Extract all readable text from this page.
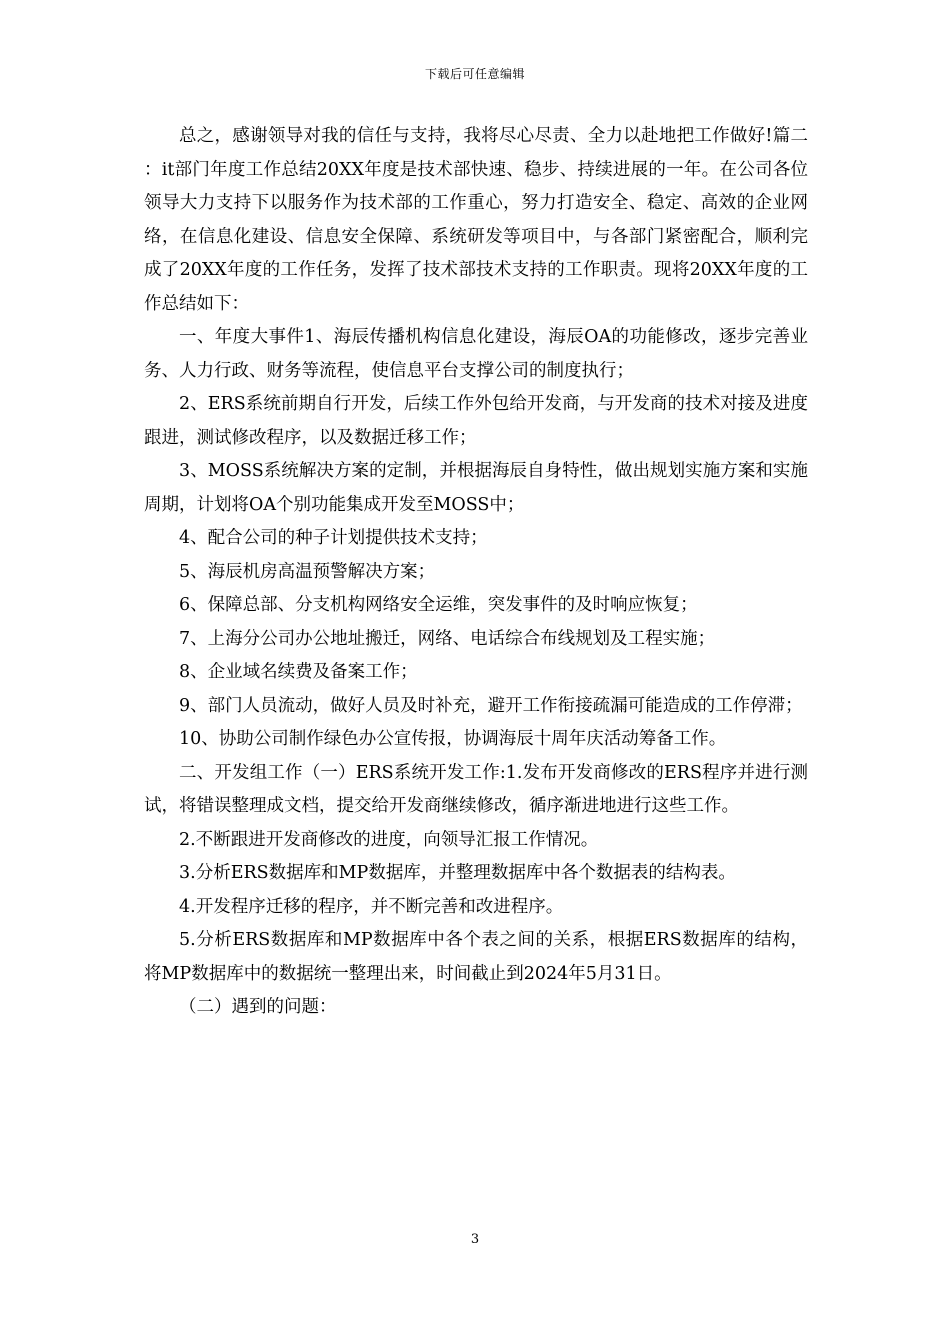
下载后可任意编辑

总之，感谢领导对我的信任与支持，我将尽心尽责、全力以赴地把工作做好!篇二：it部门年度工作总结20XX年度是技术部快速、稳步、持续进展的一年。在公司各位领导大力支持下以服务作为技术部的工作重心，努力打造安全、稳定、高效的企业网络，在信息化建设、信息安全保障、系统研发等项目中，与各部门紧密配合，顺利完成了20XX年度的工作任务，发挥了技术部技术支持的工作职责。现将20XX年度的工作总结如下：

一、年度大事件1、海辰传播机构信息化建设，海辰OA的功能修改，逐步完善业务、人力行政、财务等流程，使信息平台支撑公司的制度执行；

2、ERS系统前期自行开发，后续工作外包给开发商，与开发商的技术对接及进度跟进，测试修改程序，以及数据迁移工作；

3、MOSS系统解决方案的定制，并根据海辰自身特性，做出规划实施方案和实施周期，计划将OA个别功能集成开发至MOSS中；

4、配合公司的种子计划提供技术支持；

5、海辰机房高温预警解决方案；

6、保障总部、分支机构网络安全运维，突发事件的及时响应恢复；

7、上海分公司办公地址搬迁，网络、电话综合布线规划及工程实施；

8、企业域名续费及备案工作；

9、部门人员流动，做好人员及时补充，避开工作衔接疏漏可能造成的工作停滞；

10、协助公司制作绿色办公宣传报，协调海辰十周年庆活动筹备工作。

二、开发组工作（一）ERS系统开发工作:1.发布开发商修改的ERS程序并进行测试，将错误整理成文档，提交给开发商继续修改，循序渐进地进行这些工作。

2.不断跟进开发商修改的进度，向领导汇报工作情况。

3.分析ERS数据库和MP数据库，并整理数据库中各个数据表的结构表。

4.开发程序迁移的程序，并不断完善和改进程序。

5.分析ERS数据库和MP数据库中各个表之间的关系，根据ERS数据库的结构，将MP数据库中的数据统一整理出来，时间截止到2024年5月31日。

（二）遇到的问题：

3
